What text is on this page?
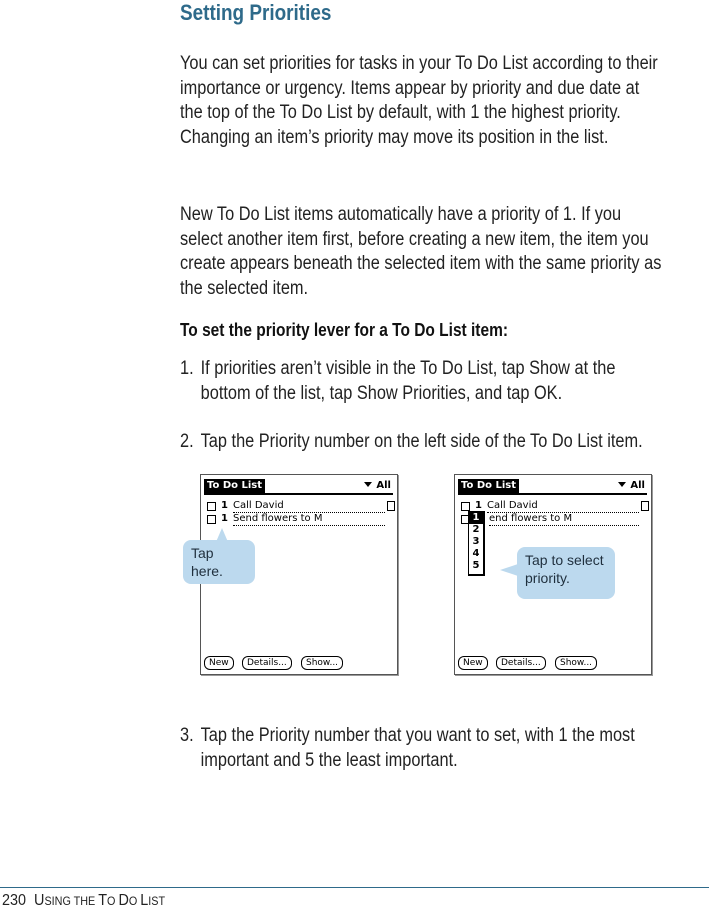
Setting Priorities
You can set priorities for tasks in your To Do List according to their importance or urgency. Items appear by priority and due date at the top of the To Do List by default, with 1 the highest priority. Changing an item’s priority may move its position in the list.
New To Do List items automatically have a priority of 1. If you select another item first, before creating a new item, the item you create appears beneath the selected item with the same priority as the selected item.
To set the priority lever for a To Do List item:
1. If priorities aren’t visible in the To Do List, tap Show at the bottom of the list, tap Show Priorities, and tap OK.
2. Tap the Priority number on the left side of the To Do List item.
To Do List	All
1 Call David
1 Send flowers to M
New	Details...	Show...
To Do List	All
1 Call David
end flowers to M
1
2
3
4
5
New	Details...	Show...
Tap here.
Tap to select
priority.
3. Tap the Priority number that you want to set, with 1 the most important and 5 the least important.
230 USING THE TO DO LIST
